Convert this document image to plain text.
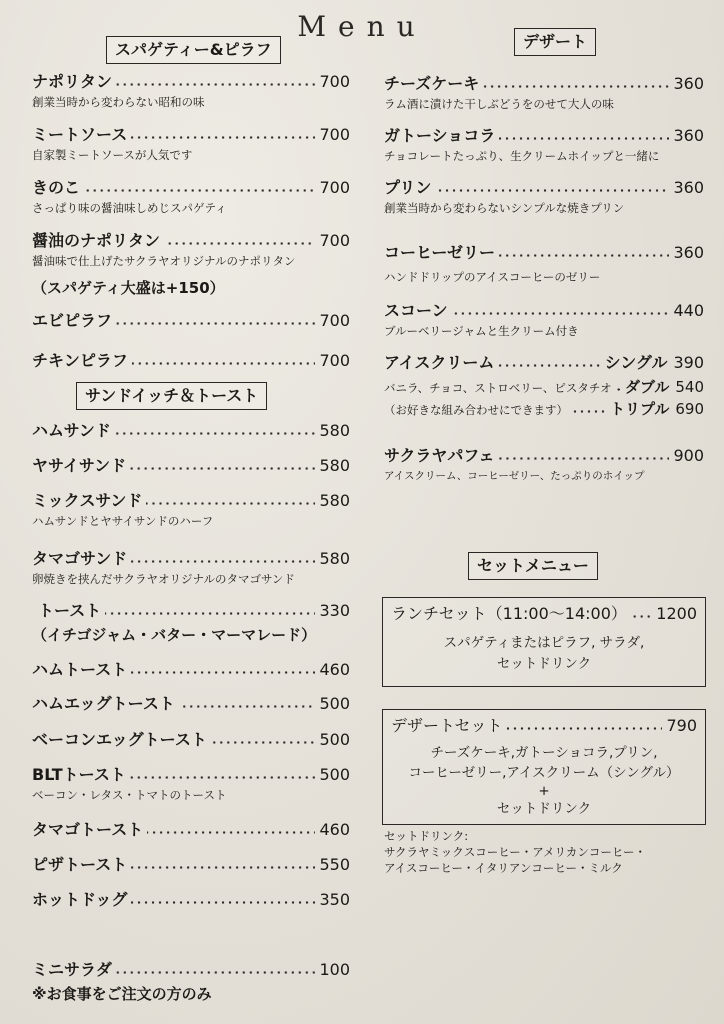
Menu
スパゲティー&ピラフ
ナポリタン	700
創業当時から変わらない昭和の味
ミートソース	700
自家製ミートソースが人気です
きのこ	700
さっぱり味の醤油味しめじスパゲティ
醤油のナポリタン	700
醤油味で仕上げたサクラヤオリジナルのナポリタン
（スパゲティ大盛は+150）
エビピラフ	700
チキンピラフ	700
サンドイッチ＆トースト
ハムサンド	580
ヤサイサンド	580
ミックスサンド	580
ハムサンドとヤサイサンドのハーフ
タマゴサンド	580
卵焼きを挟んだサクラヤオリジナルのタマゴサンド
トースト	330
（イチゴジャム・バター・マーマレード）
ハムトースト	460
ハムエッグトースト	500
ベーコンエッグトースト	500
BLTトースト	500
ベーコン・レタス・トマトのトースト
タマゴトースト	460
ピザトースト	550
ホットドッグ	350
ミニサラダ	100
※お食事をご注文の方のみ
デザート
チーズケーキ	360
ラム酒に漬けた干しぶどうをのせて大人の味
ガトーショコラ	360
チョコレートたっぷり、生クリームホイップと一緒に
プリン	360
創業当時から変わらないシンプルな焼きプリン
コーヒーゼリー	360
ハンドドリップのアイスコーヒーのゼリー
スコーン	440
ブルーベリージャムと生クリーム付き
アイスクリーム	シングル 390
バニラ、チョコ、ストロベリー、ピスタチオ ダブル 540
（お好きな組み合わせにできます）	トリプル 690
サクラヤパフェ	900
アイスクリーム、コーヒーゼリー、たっぷりのホイップ
セットメニュー
ランチセット（11:00〜14:00） 1200
スパゲティまたはピラフ, サラダ,
セットドリンク
デザートセット	790
チーズケーキ,ガトーショコラ,プリン,
コーヒーゼリー,アイスクリーム（シングル）
+
セットドリンク
セットドリンク:
サクラヤミックスコーヒー・アメリカンコーヒー・
アイスコーヒー・イタリアンコーヒー・ミルク
